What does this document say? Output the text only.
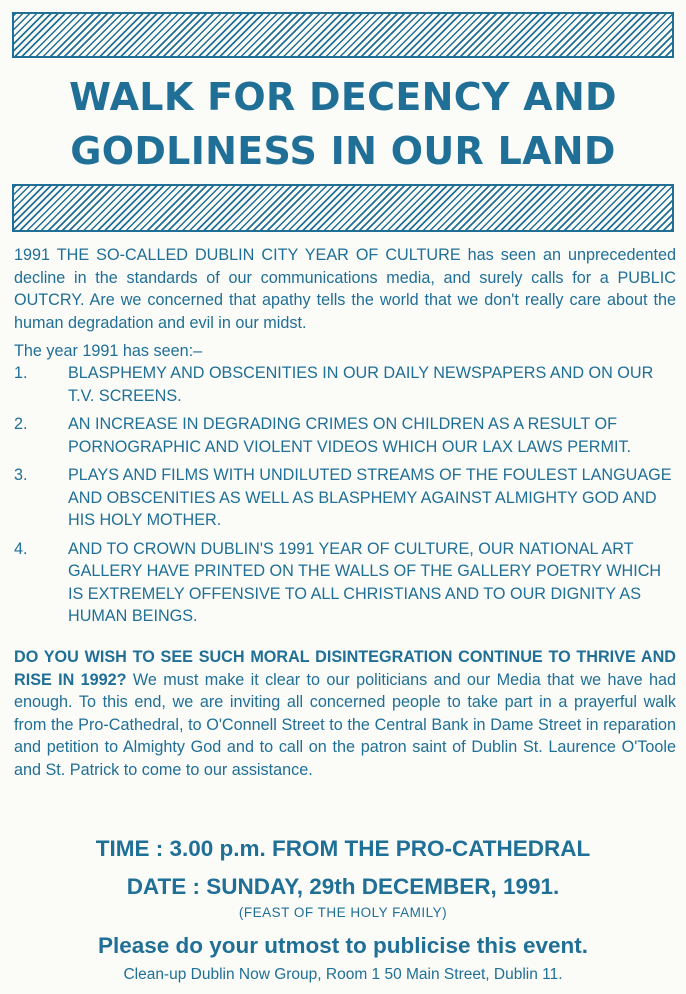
WALK FOR DECENCY AND
GODLINESS IN OUR LAND

1991 THE SO-CALLED DUBLIN CITY YEAR OF CULTURE has seen an unprecedented decline in the standards of our communications media, and surely calls for a PUBLIC OUTCRY. Are we concerned that apathy tells the world that we don't really care about the human degradation and evil in our midst.

The year 1991 has seen:–
1. BLASPHEMY AND OBSCENITIES IN OUR DAILY NEWSPAPERS AND ON OUR T.V. SCREENS.
2. AN INCREASE IN DEGRADING CRIMES ON CHILDREN AS A RESULT OF PORNOGRAPHIC AND VIOLENT VIDEOS WHICH OUR LAX LAWS PERMIT.
3. PLAYS AND FILMS WITH UNDILUTED STREAMS OF THE FOULEST LANGUAGE AND OBSCENITIES AS WELL AS BLASPHEMY AGAINST ALMIGHTY GOD AND HIS HOLY MOTHER.
4. AND TO CROWN DUBLIN'S 1991 YEAR OF CULTURE, OUR NATIONAL ART GALLERY HAVE PRINTED ON THE WALLS OF THE GALLERY POETRY WHICH IS EXTREMELY OFFENSIVE TO ALL CHRISTIANS AND TO OUR DIGNITY AS HUMAN BEINGS.

DO YOU WISH TO SEE SUCH MORAL DISINTEGRATION CONTINUE TO THRIVE AND RISE IN 1992? We must make it clear to our politicians and our Media that we have had enough. To this end, we are inviting all concerned people to take part in a prayerful walk from the Pro-Cathedral, to O'Connell Street to the Central Bank in Dame Street in reparation and petition to Almighty God and to call on the patron saint of Dublin St. Laurence O'Toole and St. Patrick to come to our assistance.

TIME : 3.00 p.m. FROM THE PRO-CATHEDRAL
DATE : SUNDAY, 29th DECEMBER, 1991.
(FEAST OF THE HOLY FAMILY)
Please do your utmost to publicise this event.
Clean-up Dublin Now Group, Room 1 50 Main Street, Dublin 11.
